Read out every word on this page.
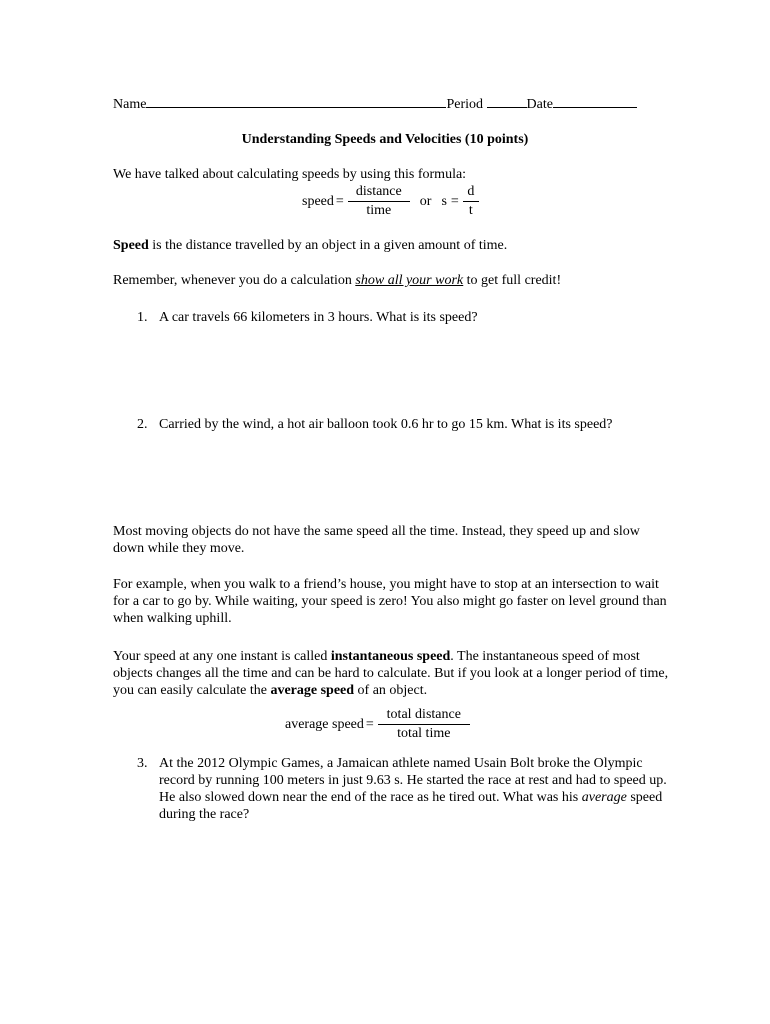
Name	Period	Date
Understanding Speeds and Velocities (10 points)
We have talked about calculating speeds by using this formula:
speed = $\frac{\text{distance}}{\text{time}}$ or $s = \frac{d}{t}$
Speed is the distance travelled by an object in a given amount of time.
Remember, whenever you do a calculation show all your work to get full credit!
1. A car travels 66 kilometers in 3 hours. What is its speed?
2. Carried by the wind, a hot air balloon took 0.6 hr to go 15 km. What is its speed?
Most moving objects do not have the same speed all the time. Instead, they speed up and slow down while they move.
For example, when you walk to a friend’s house, you might have to stop at an intersection to wait for a car to go by. While waiting, your speed is zero! You also might go faster on level ground than when walking uphill.
Your speed at any one instant is called instantaneous speed. The instantaneous speed of most objects changes all the time and can be hard to calculate. But if you look at a longer period of time, you can easily calculate the average speed of an object.
average speed = $\frac{\text{total distance}}{\text{total time}}$
3. At the 2012 Olympic Games, a Jamaican athlete named Usain Bolt broke the Olympic record by running 100 meters in just 9.63 s. He started the race at rest and had to speed up. He also slowed down near the end of the race as he tired out. What was his average speed during the race?
